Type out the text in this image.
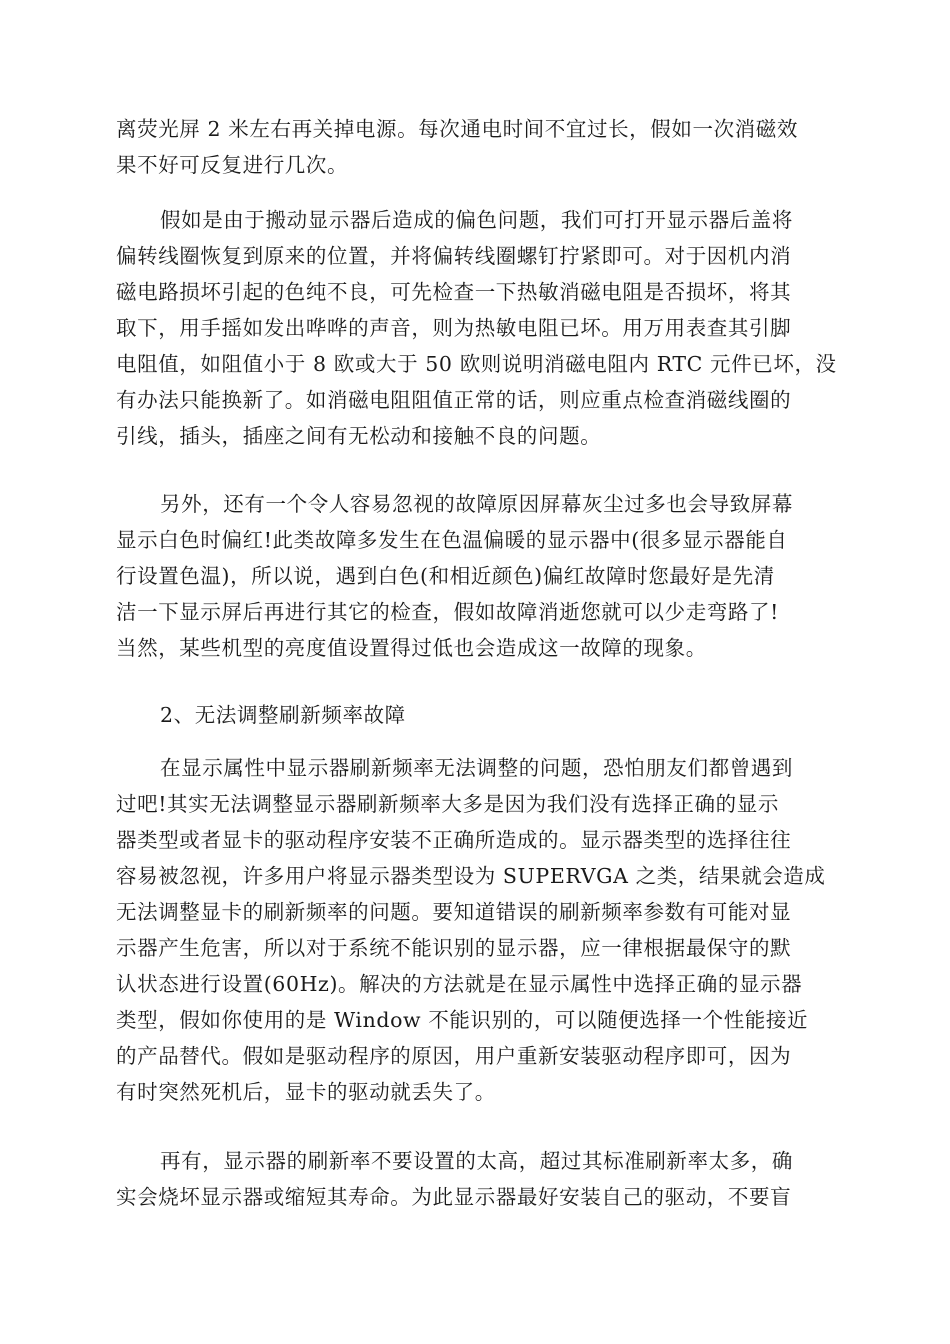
离荧光屏 2 米左右再关掉电源。每次通电时间不宜过长，假如一次消磁效
果不好可反复进行几次。
假如是由于搬动显示器后造成的偏色问题，我们可打开显示器后盖将
偏转线圈恢复到原来的位置，并将偏转线圈螺钉拧紧即可。对于因机内消
磁电路损坏引起的色纯不良，可先检查一下热敏消磁电阻是否损坏，将其
取下，用手摇如发出哗哗的声音，则为热敏电阻已坏。用万用表查其引脚
电阻值，如阻值小于 8 欧或大于 50 欧则说明消磁电阻内 RTC 元件已坏，没
有办法只能换新了。如消磁电阻阻值正常的话，则应重点检查消磁线圈的
引线，插头，插座之间有无松动和接触不良的问题。
另外，还有一个令人容易忽视的故障原因屏幕灰尘过多也会导致屏幕
显示白色时偏红!此类故障多发生在色温偏暖的显示器中(很多显示器能自
行设置色温)，所以说，遇到白色(和相近颜色)偏红故障时您最好是先清
洁一下显示屏后再进行其它的检查，假如故障消逝您就可以少走弯路了!
当然，某些机型的亮度值设置得过低也会造成这一故障的现象。
2、无法调整刷新频率故障
在显示属性中显示器刷新频率无法调整的问题，恐怕朋友们都曾遇到
过吧!其实无法调整显示器刷新频率大多是因为我们没有选择正确的显示
器类型或者显卡的驱动程序安装不正确所造成的。显示器类型的选择往往
容易被忽视，许多用户将显示器类型设为 SUPERVGA 之类，结果就会造成
无法调整显卡的刷新频率的问题。要知道错误的刷新频率参数有可能对显
示器产生危害，所以对于系统不能识别的显示器，应一律根据最保守的默
认状态进行设置(60Hz)。解决的方法就是在显示属性中选择正确的显示器
类型，假如你使用的是 Window 不能识别的，可以随便选择一个性能接近
的产品替代。假如是驱动程序的原因，用户重新安装驱动程序即可，因为
有时突然死机后，显卡的驱动就丢失了。
再有，显示器的刷新率不要设置的太高，超过其标准刷新率太多，确
实会烧坏显示器或缩短其寿命。为此显示器最好安装自己的驱动，不要盲
